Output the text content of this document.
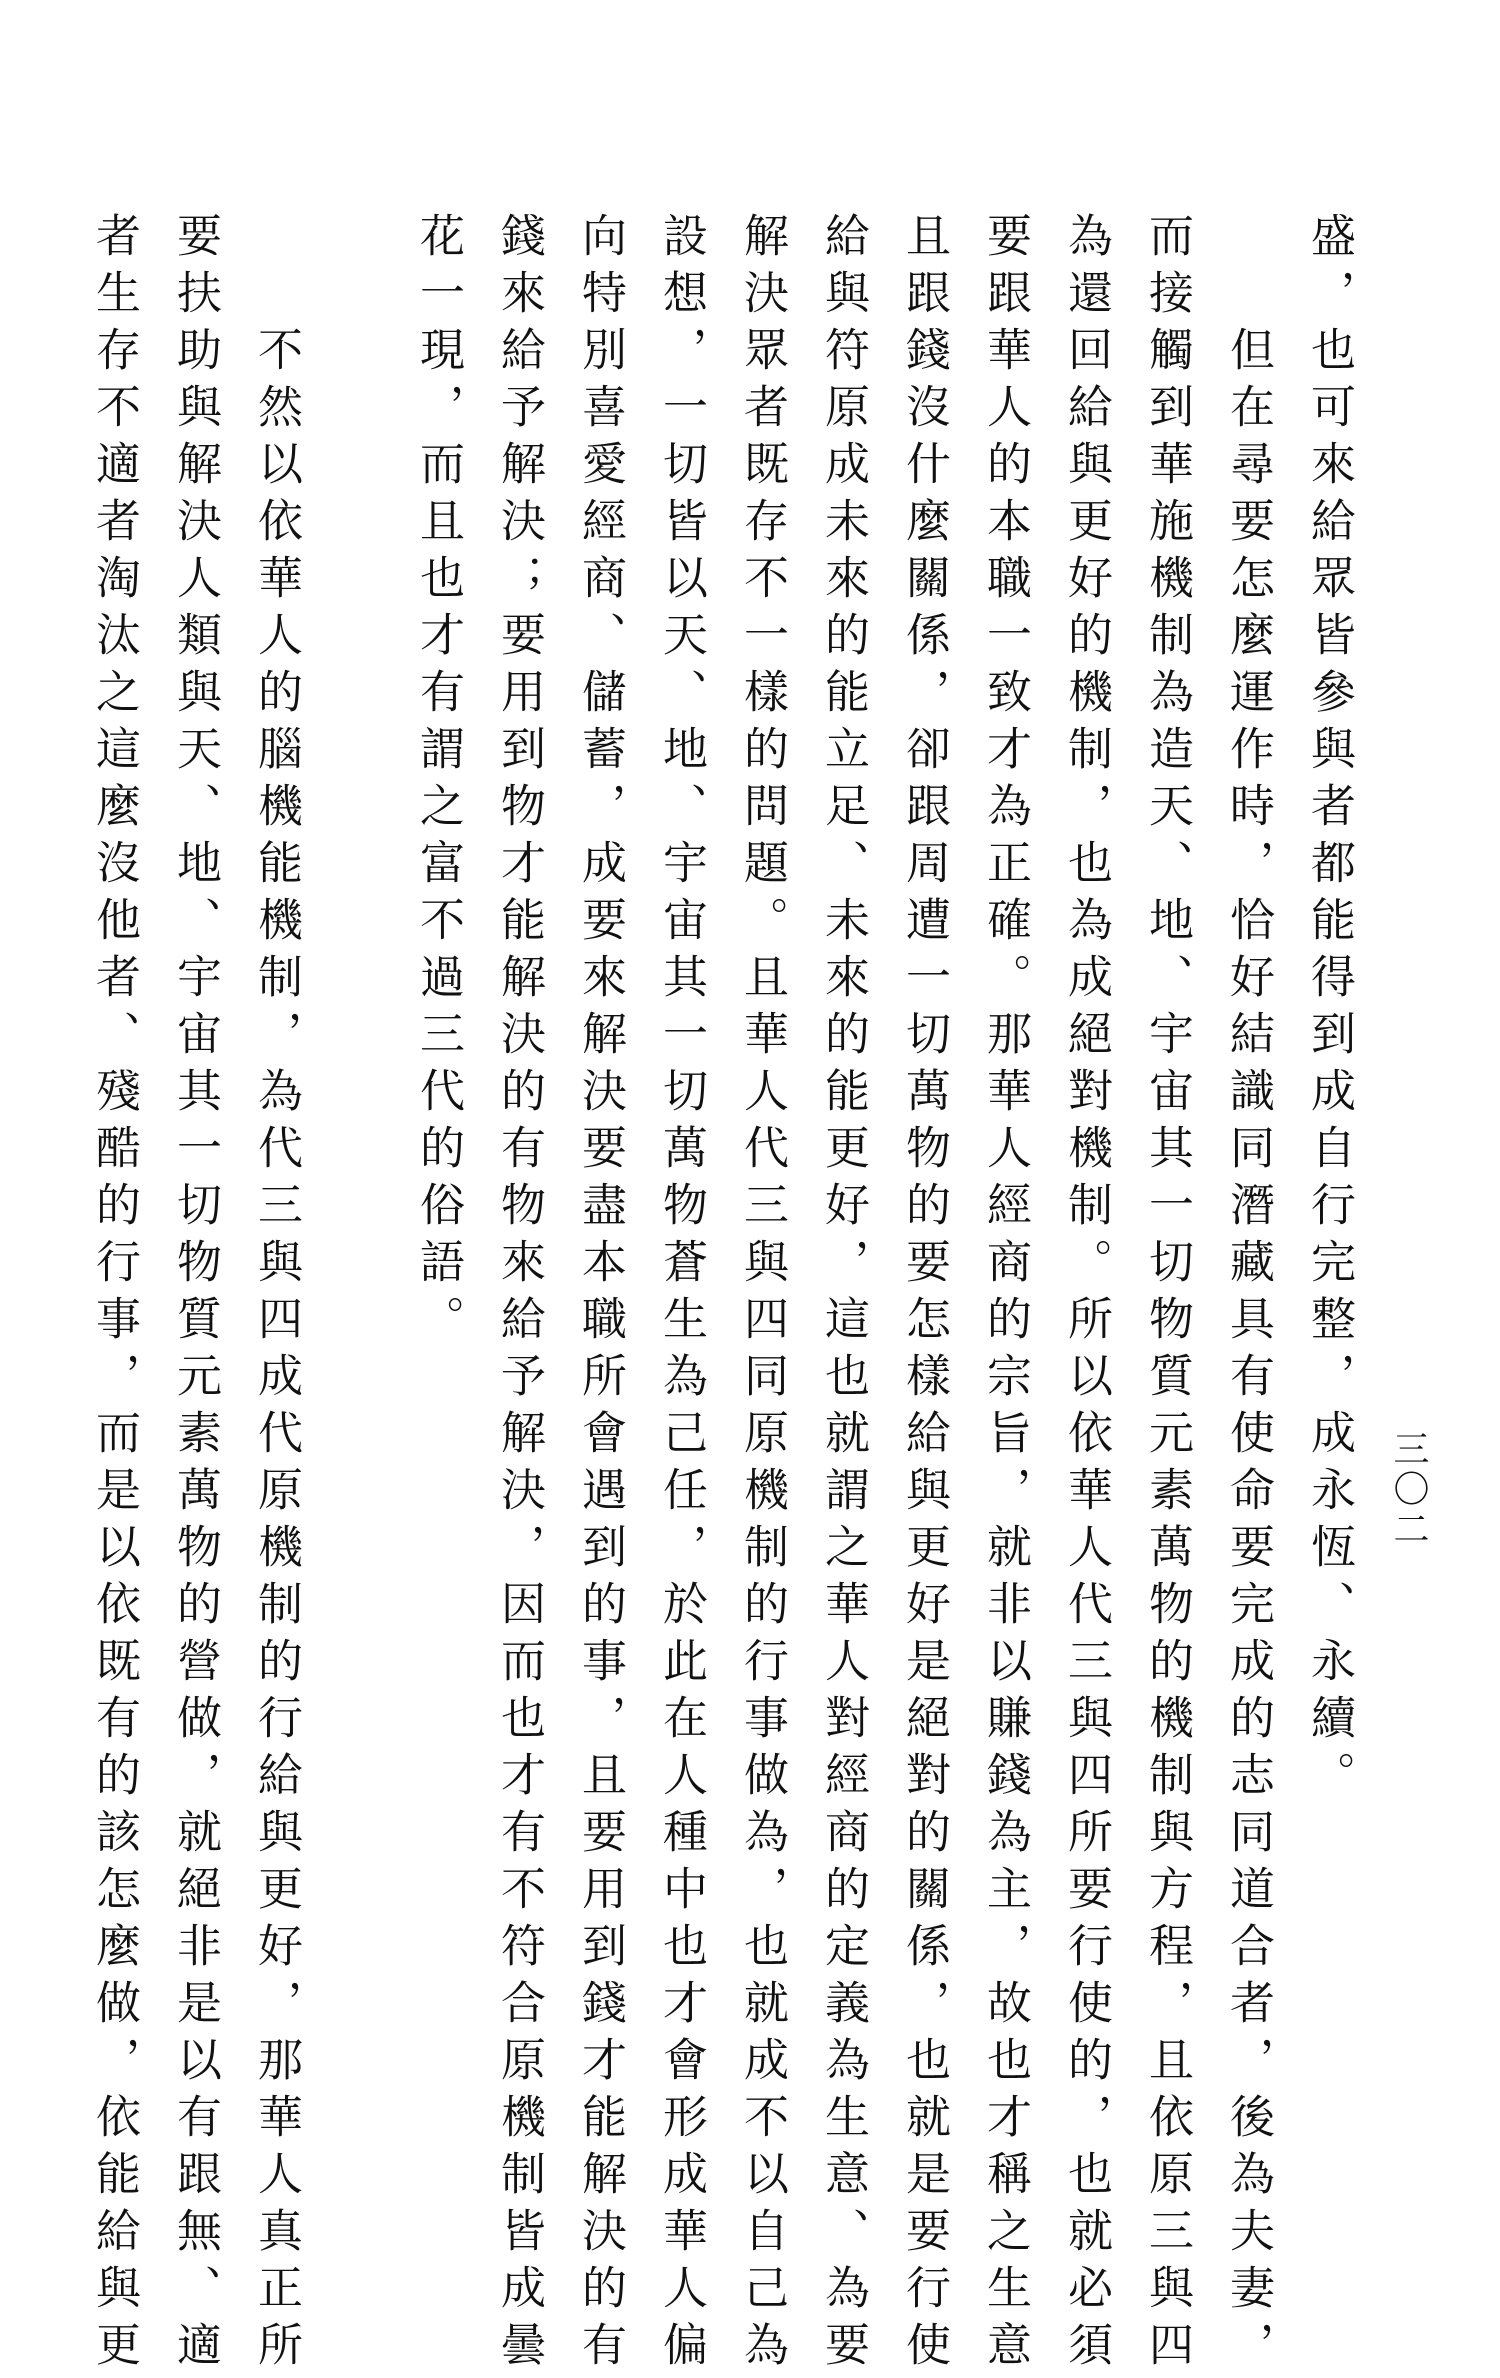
盛，也可來給眾皆參與者都能得到成自行完整，成永恆、永續。
但在尋要怎麼運作時，恰好結識同潛藏具有使命要完成的志同道合者，後為夫妻，
而接觸到華施機制為造天、地、宇宙其一切物質元素萬物的機制與方程，且依原三與四
為還回給與更好的機制，也為成絕對機制。所以依華人代三與四所要行使的，也就必須
要跟華人的本職一致才為正確。那華人經商的宗旨，就非以賺錢為主，故也才稱之生意
且跟錢沒什麼關係，卻跟周遭一切萬物的要怎樣給與更好是絕對的關係，也就是要行使
給與符原成未來的能立足、未來的能更好，這也就謂之華人對經商的定義為生意、為要
解決眾者既存不一樣的問題。且華人代三與四同原機制的行事做為，也就成不以自己為
設想，一切皆以天、地、宇宙其一切萬物蒼生為己任，於此在人種中也才會形成華人偏
向特別喜愛經商、儲蓄，成要來解決要盡本職所會遇到的事，且要用到錢才能解決的有
錢來給予解決；要用到物才能解決的有物來給予解決，因而也才有不符合原機制皆成曇
花一現，而且也才有謂之富不過三代的俗語。
不然以依華人的腦機能機制，為代三與四成代原機制的行給與更好，那華人真正所
要扶助與解決人類與天、地、宇宙其一切物質元素萬物的營做，就絕非是以有跟無、適
者生存不適者淘汰之這麼沒他者、殘酷的行事，而是以依既有的該怎麼做，依能給與更	三〇二
